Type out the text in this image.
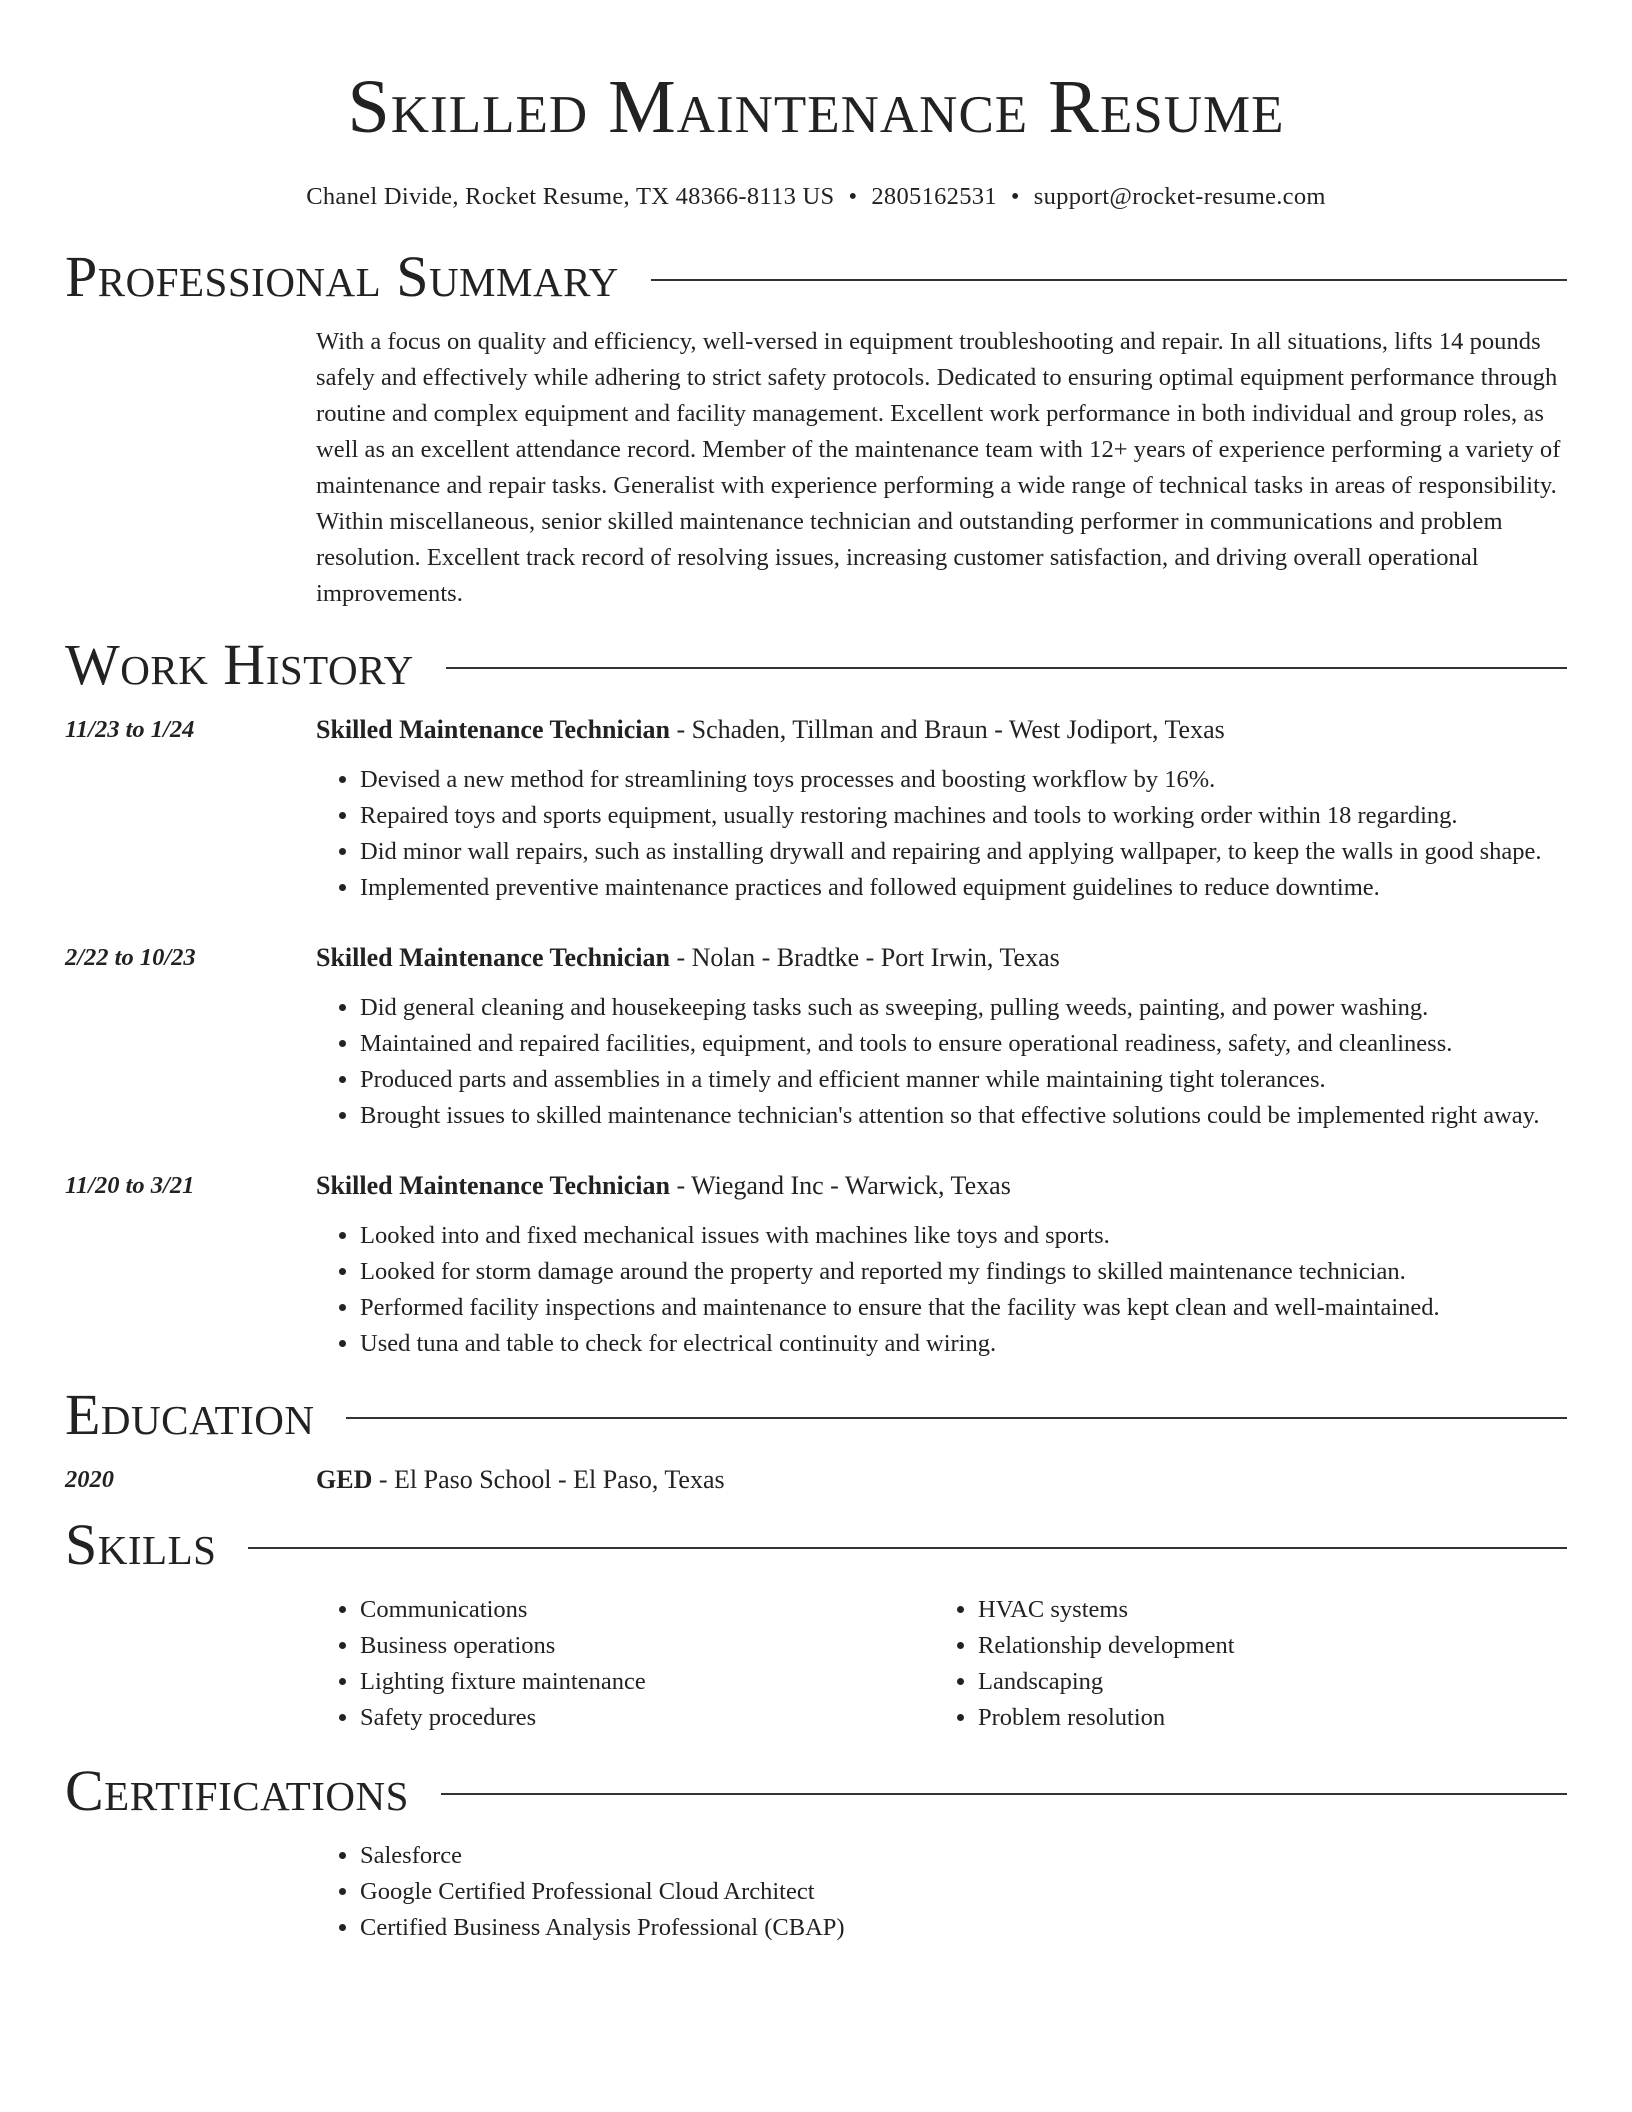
Skilled Maintenance Resume
Chanel Divide, Rocket Resume, TX 48366-8113 US • 2805162531 • support@rocket-resume.com
Professional Summary
With a focus on quality and efficiency, well-versed in equipment troubleshooting and repair. In all situations, lifts 14 pounds safely and effectively while adhering to strict safety protocols. Dedicated to ensuring optimal equipment performance through routine and complex equipment and facility management. Excellent work performance in both individual and group roles, as well as an excellent attendance record. Member of the maintenance team with 12+ years of experience performing a variety of maintenance and repair tasks. Generalist with experience performing a wide range of technical tasks in areas of responsibility. Within miscellaneous, senior skilled maintenance technician and outstanding performer in communications and problem resolution. Excellent track record of resolving issues, increasing customer satisfaction, and driving overall operational improvements.
Work History
11/23 to 1/24	Skilled Maintenance Technician - Schaden, Tillman and Braun - West Jodiport, Texas
• Devised a new method for streamlining toys processes and boosting workflow by 16%.
• Repaired toys and sports equipment, usually restoring machines and tools to working order within 18 regarding.
• Did minor wall repairs, such as installing drywall and repairing and applying wallpaper, to keep the walls in good shape.
• Implemented preventive maintenance practices and followed equipment guidelines to reduce downtime.
2/22 to 10/23	Skilled Maintenance Technician - Nolan - Bradtke - Port Irwin, Texas
• Did general cleaning and housekeeping tasks such as sweeping, pulling weeds, painting, and power washing.
• Maintained and repaired facilities, equipment, and tools to ensure operational readiness, safety, and cleanliness.
• Produced parts and assemblies in a timely and efficient manner while maintaining tight tolerances.
• Brought issues to skilled maintenance technician's attention so that effective solutions could be implemented right away.
11/20 to 3/21	Skilled Maintenance Technician - Wiegand Inc - Warwick, Texas
• Looked into and fixed mechanical issues with machines like toys and sports.
• Looked for storm damage around the property and reported my findings to skilled maintenance technician.
• Performed facility inspections and maintenance to ensure that the facility was kept clean and well-maintained.
• Used tuna and table to check for electrical continuity and wiring.
Education
2020	GED - El Paso School - El Paso, Texas
Skills
• Communications
• Business operations
• Lighting fixture maintenance
• Safety procedures
• HVAC systems
• Relationship development
• Landscaping
• Problem resolution
Certifications
• Salesforce
• Google Certified Professional Cloud Architect
• Certified Business Analysis Professional (CBAP)
